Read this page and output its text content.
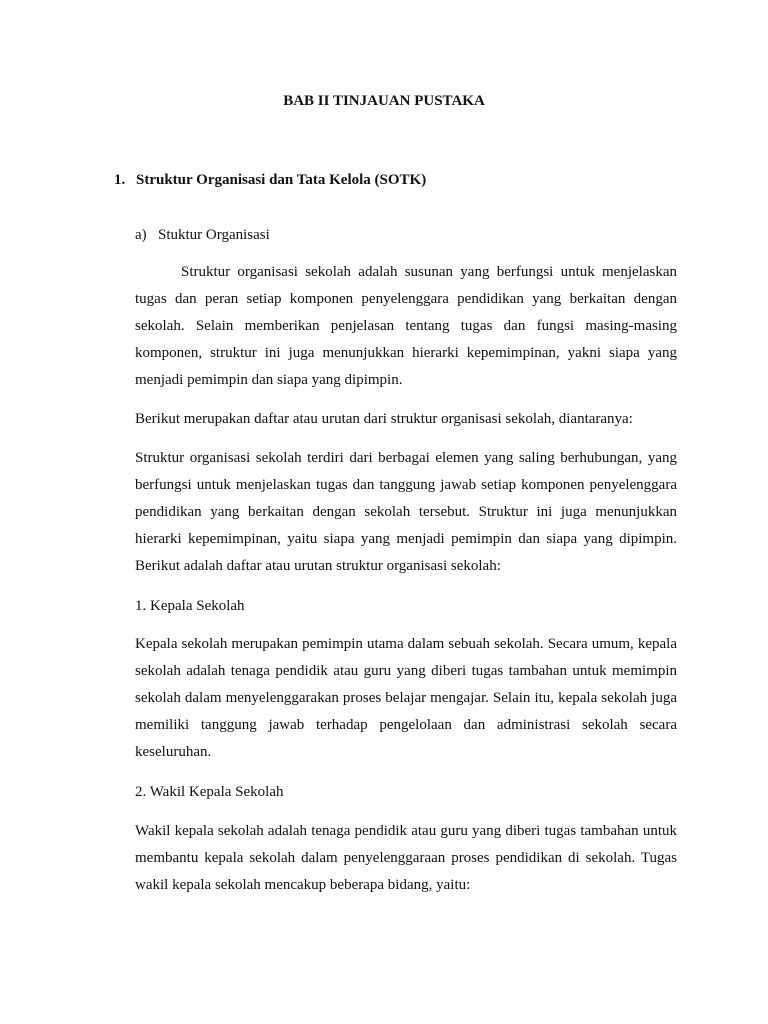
BAB II TINJAUAN PUSTAKA

1. Struktur Organisasi dan Tata Kelola (SOTK)

a) Stuktur Organisasi

Struktur organisasi sekolah adalah susunan yang berfungsi untuk menjelaskan tugas dan peran setiap komponen penyelenggara pendidikan yang berkaitan dengan sekolah. Selain memberikan penjelasan tentang tugas dan fungsi masing-masing komponen, struktur ini juga menunjukkan hierarki kepemimpinan, yakni siapa yang menjadi pemimpin dan siapa yang dipimpin.

Berikut merupakan daftar atau urutan dari struktur organisasi sekolah, diantaranya:

Struktur organisasi sekolah terdiri dari berbagai elemen yang saling berhubungan, yang berfungsi untuk menjelaskan tugas dan tanggung jawab setiap komponen penyelenggara pendidikan yang berkaitan dengan sekolah tersebut. Struktur ini juga menunjukkan hierarki kepemimpinan, yaitu siapa yang menjadi pemimpin dan siapa yang dipimpin. Berikut adalah daftar atau urutan struktur organisasi sekolah:

1. Kepala Sekolah

Kepala sekolah merupakan pemimpin utama dalam sebuah sekolah. Secara umum, kepala sekolah adalah tenaga pendidik atau guru yang diberi tugas tambahan untuk memimpin sekolah dalam menyelenggarakan proses belajar mengajar. Selain itu, kepala sekolah juga memiliki tanggung jawab terhadap pengelolaan dan administrasi sekolah secara keseluruhan.

2. Wakil Kepala Sekolah

Wakil kepala sekolah adalah tenaga pendidik atau guru yang diberi tugas tambahan untuk membantu kepala sekolah dalam penyelenggaraan proses pendidikan di sekolah. Tugas wakil kepala sekolah mencakup beberapa bidang, yaitu:
